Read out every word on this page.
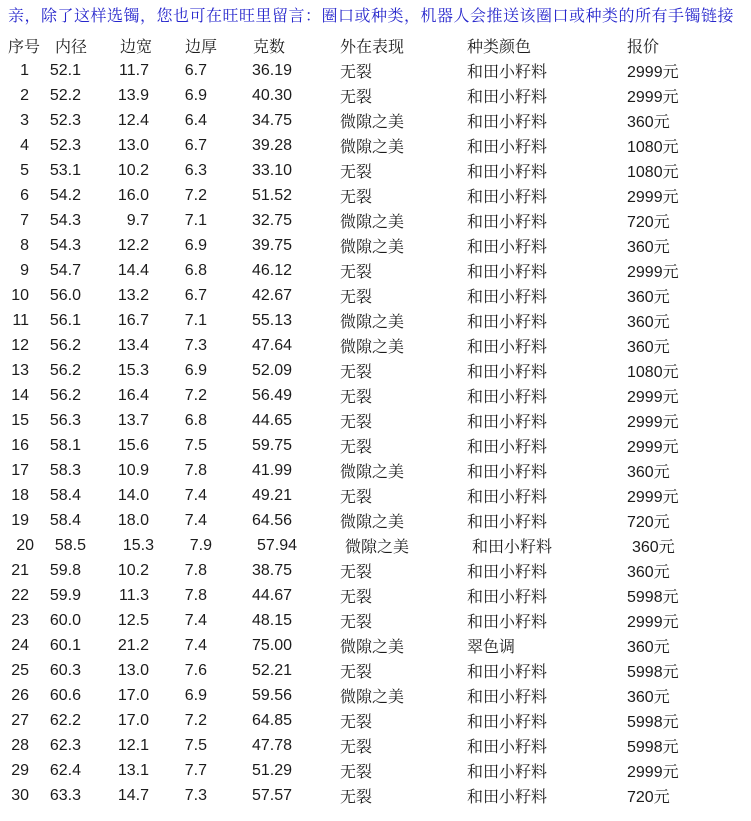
亲，除了这样选镯，您也可在旺旺里留言：圈口或种类，机器人会推送该圈口或种类的所有手镯链接
序号	内径	边宽	边厚	克数	外在表现	种类颜色	报价
1	52.1	11.7	6.7	36.19	无裂	和田小籽料	2999元
2	52.2	13.9	6.9	40.30	无裂	和田小籽料	2999元
3	52.3	12.4	6.4	34.75	微隙之美	和田小籽料	360元
4	52.3	13.0	6.7	39.28	微隙之美	和田小籽料	1080元
5	53.1	10.2	6.3	33.10	无裂	和田小籽料	1080元
6	54.2	16.0	7.2	51.52	无裂	和田小籽料	2999元
7	54.3	9.7	7.1	32.75	微隙之美	和田小籽料	720元
8	54.3	12.2	6.9	39.75	微隙之美	和田小籽料	360元
9	54.7	14.4	6.8	46.12	无裂	和田小籽料	2999元
10	56.0	13.2	6.7	42.67	无裂	和田小籽料	360元
11	56.1	16.7	7.1	55.13	微隙之美	和田小籽料	360元
12	56.2	13.4	7.3	47.64	微隙之美	和田小籽料	360元
13	56.2	15.3	6.9	52.09	无裂	和田小籽料	1080元
14	56.2	16.4	7.2	56.49	无裂	和田小籽料	2999元
15	56.3	13.7	6.8	44.65	无裂	和田小籽料	2999元
16	58.1	15.6	7.5	59.75	无裂	和田小籽料	2999元
17	58.3	10.9	7.8	41.99	微隙之美	和田小籽料	360元
18	58.4	14.0	7.4	49.21	无裂	和田小籽料	2999元
19	58.4	18.0	7.4	64.56	微隙之美	和田小籽料	720元
20	58.5	15.3	7.9	57.94	微隙之美	和田小籽料	360元
21	59.8	10.2	7.8	38.75	无裂	和田小籽料	360元
22	59.9	11.3	7.8	44.67	无裂	和田小籽料	5998元
23	60.0	12.5	7.4	48.15	无裂	和田小籽料	2999元
24	60.1	21.2	7.4	75.00	微隙之美	翠色调	360元
25	60.3	13.0	7.6	52.21	无裂	和田小籽料	5998元
26	60.6	17.0	6.9	59.56	微隙之美	和田小籽料	360元
27	62.2	17.0	7.2	64.85	无裂	和田小籽料	5998元
28	62.3	12.1	7.5	47.78	无裂	和田小籽料	5998元
29	62.4	13.1	7.7	51.29	无裂	和田小籽料	2999元
30	63.3	14.7	7.3	57.57	无裂	和田小籽料	720元
